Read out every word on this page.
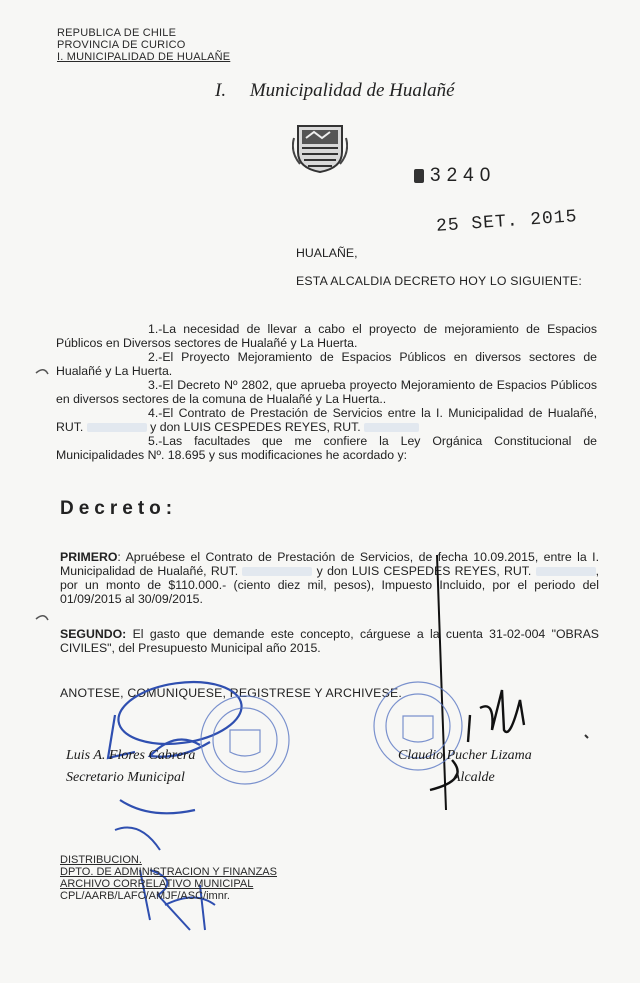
REPUBLICA DE CHILE
PROVINCIA DE CURICO
I. MUNICIPALIDAD DE HUALAÑE
I. Municipalidad de Hualañé
3240
25 SET. 2015
HUALAÑE,
ESTA ALCALDIA DECRETO HOY LO SIGUIENTE:
1.-La necesidad de llevar a cabo el proyecto de mejoramiento de Espacios Públicos en Diversos sectores de Hualañé y La Huerta.
2.-El Proyecto Mejoramiento de Espacios Públicos en diversos sectores de Hualañé y La Huerta.
3.-El Decreto Nº 2802, que aprueba proyecto Mejoramiento de Espacios Públicos en diversos sectores de la comuna de Hualañé y La Huerta..
4.-El Contrato de Prestación de Servicios entre la I. Municipalidad de Hualañé, RUT.	y don LUIS CESPEDES REYES, RUT.
5.-Las facultades que me confiere la Ley Orgánica Constitucional de Municipalidades Nº. 18.695 y sus modificaciones he acordado y:
Decreto:
PRIMERO: Apruébese el Contrato de Prestación de Servicios, de fecha 10.09.2015, entre la I. Municipalidad de Hualañé, RUT.	y don LUIS CESPEDES REYES, RUT.	, por un monto de $110.000.- (ciento diez mil, pesos), Impuesto Incluido, por el periodo del 01/09/2015 al 30/09/2015.
SEGUNDO: El gasto que demande este concepto, cárguese a la cuenta 31-02-004 "OBRAS CIVILES", del Presupuesto Municipal año 2015.
ANOTESE, COMUNIQUESE, REGISTRESE Y ARCHIVESE.
Luis A. Flores Cabrera
Secretario Municipal
Claudio Pucher Lizama
Alcalde
DISTRIBUCION.
DPTO. DE ADMINISTRACION Y FINANZAS
ARCHIVO CORRELATIVO MUNICIPAL
CPL/AARB/LAFC/AMJF/ASC/imnr.
